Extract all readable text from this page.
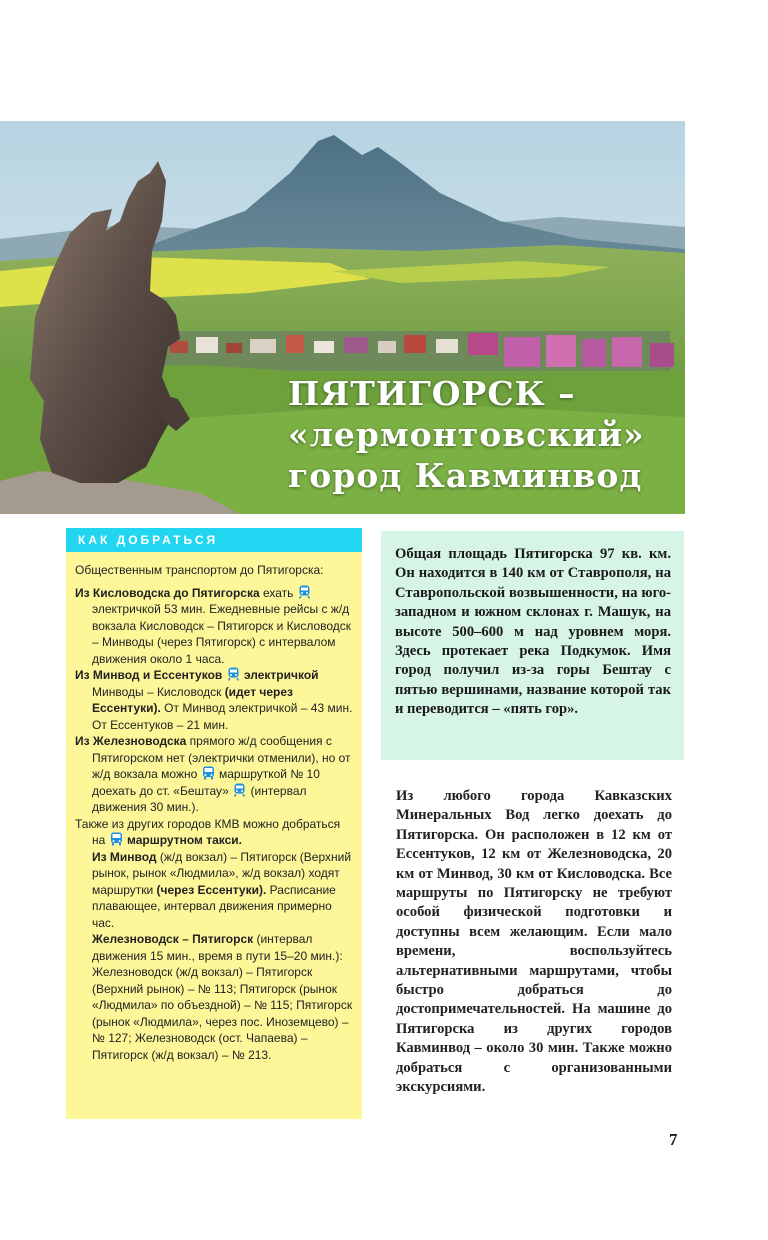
ПЯТИГОРСК –
«лермонтовский»
город Кавминвод
КАК ДОБРАТЬСЯ

Общественным транспортом до Пятигорска:

Из Кисловодска до Пятигорска ехать  электричкой 53 мин. Ежедневные рейсы с ж/д вокзала Кисловодск – Пятигорск и Кисловодск – Минводы (через Пятигорск) с интервалом движения около 1 часа.

Из Минвод и Ессентуков  электричкой Минводы – Кисловодск (идет через Ессентуки). От Минвод электричкой – 43 мин. От Ессентуков – 21 мин.

Из Железноводска прямого ж/д сообщения с Пятигорском нет (электрички отменили), но от ж/д вокзала можно  маршруткой № 10 доехать до ст. «Бештау»  (интервал движения 30 мин.).

Также из других городов КМВ можно добраться на  маршрутном такси.

Из Минвод (ж/д вокзал) – Пятигорск (Верхний рынок, рынок «Людмила», ж/д вокзал) ходят маршрутки (через Ессентуки). Расписание плавающее, интервал движения примерно час.

Железноводск – Пятигорск (интервал движения 15 мин., время в пути 15–20 мин.): Железноводск (ж/д вокзал) – Пятигорск (Верхний рынок) – № 113; Пятигорск (рынок «Людмила» по объездной) – № 115; Пятигорск (рынок «Людмила», через пос. Иноземцево) – № 127; Железноводск (ост. Чапаева) – Пятигорск (ж/д вокзал) – № 213.

Общая площадь Пятигорска 97 кв. км. Он находится в 140 км от Ставрополя, на Ставропольской возвышенности, на юго-западном и южном склонах г. Машук, на высоте 500–600 м над уровнем моря. Здесь протекает река Подкумок. Имя город получил из-за горы Бештау с пятью вершинами, название которой так и переводится – «пять гор».

Из любого города Кавказских Минеральных Вод легко доехать до Пятигорска. Он расположен в 12 км от Ессентуков, 12 км от Железноводска, 20 км от Минвод, 30 км от Кисловодска. Все маршруты по Пятигорску не требуют особой физической подготовки и доступны всем желающим. Если мало времени, воспользуйтесь альтернативными маршрутами, чтобы быстро добраться до достопримечательностей. На машине до Пятигорска из других городов Кавминвод – около 30 мин. Также можно добраться с организованными экскурсиями.

7
